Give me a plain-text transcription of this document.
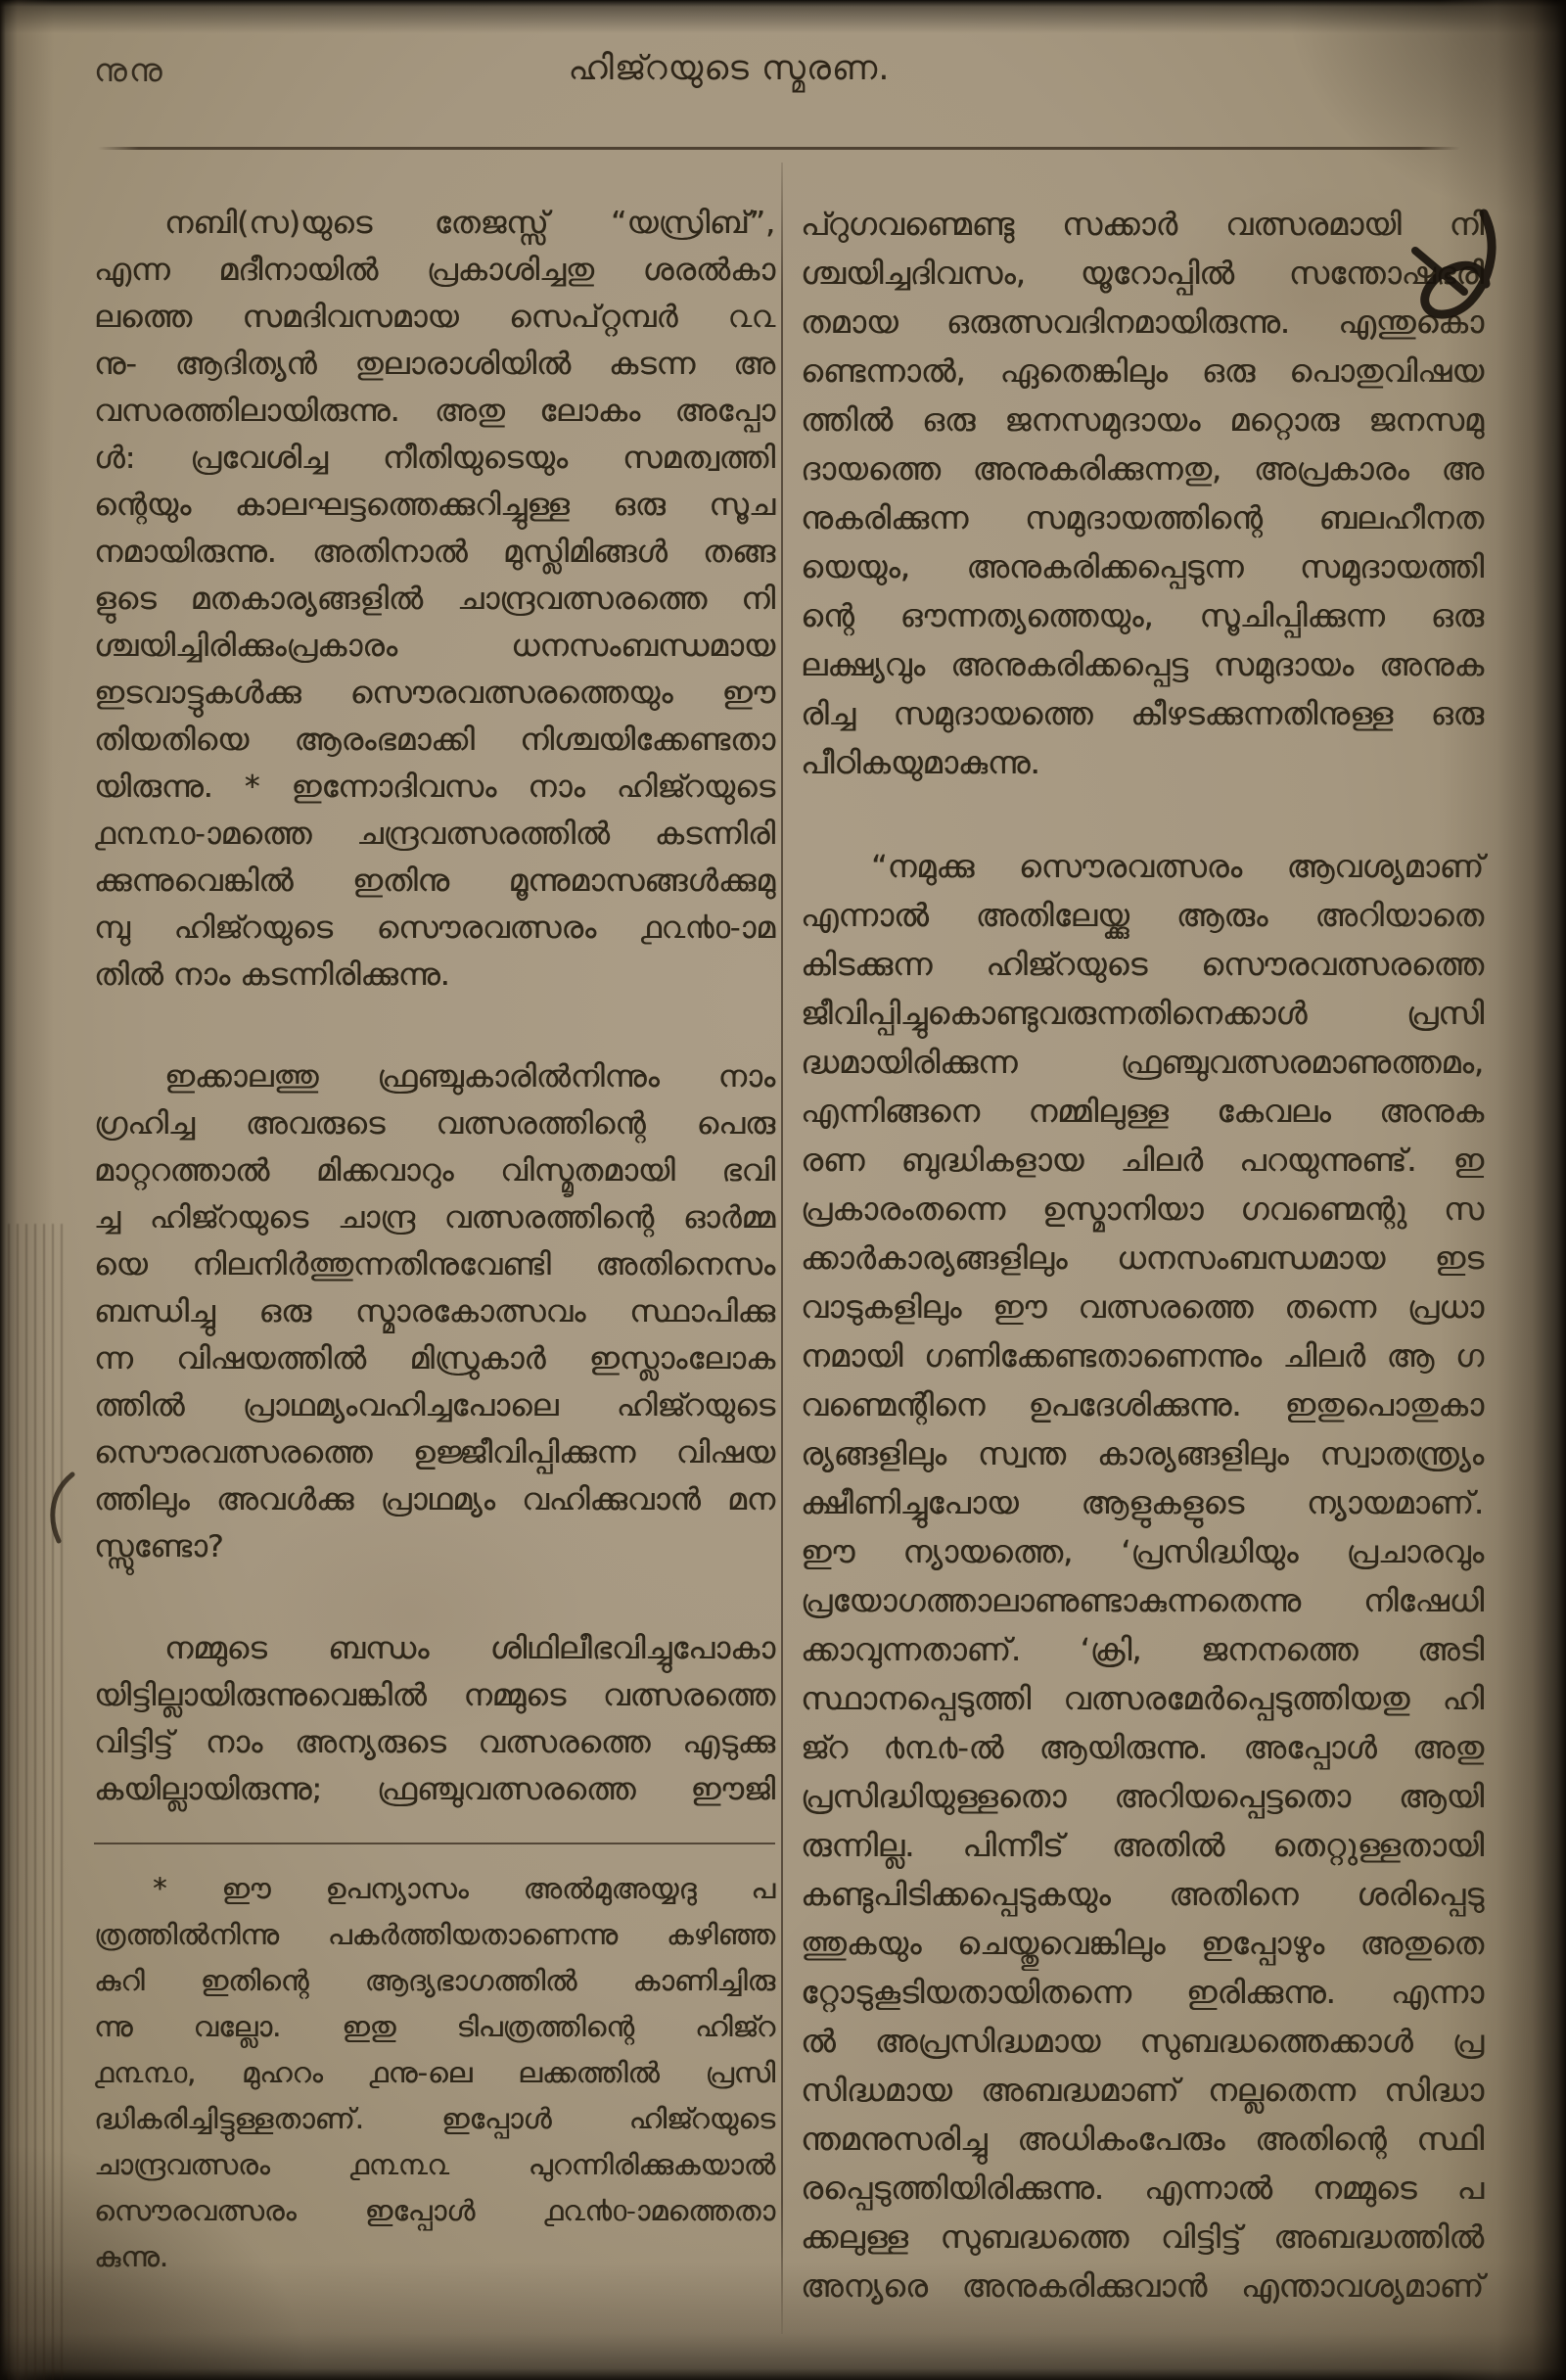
നുനു	ഹിജ്റയുടെ സ്മരണ.
നബി(സ)യുടെ തേജസ്സ് “യസ്രിബ്”,
എന്ന മദീനായിൽ പ്രകാശിച്ചതു ശരൽകാ
ലത്തെ സമദിവസമായ സെപ്റ്റമ്പർ ൨൨
നു- ആദിത്യൻ തുലാരാശിയിൽ കടന്ന അ
വസരത്തിലായിരുന്നു. അതു ലോകം അപ്പോ
ൾ: പ്രവേശിച്ച നീതിയുടെയും സമത്വത്തി
ന്റെയും കാലഘട്ടത്തെക്കുറിച്ചുള്ള ഒരു സൂച
നമായിരുന്നു. അതിനാൽ മുസ്ലിമിങ്ങൾ തങ്ങ
ളുടെ മതകാര്യങ്ങളിൽ ചാന്ദ്രവത്സരത്തെ നി
ശ്ചയിച്ചിരിക്കുംപ്രകാരം ധനസംബന്ധമായ
ഇടവാട്ടുകൾക്കു സൌരവത്സരത്തെയും ഈ
തിയതിയെ ആരംഭമാക്കി നിശ്ചയിക്കേണ്ടതാ
യിരുന്നു. * ഇന്നോദിവസം നാം ഹിജ്റയുടെ
൧൩൩൦-ാമത്തെ ചന്ദ്രവത്സരത്തിൽ കടന്നിരി
ക്കുന്നുവെങ്കിൽ ഇതിനു മൂന്നുമാസങ്ങൾക്കുമു
മ്പു ഹിജ്റയുടെ സൌരവത്സരം ൧൨൯൦-ാമ
തിൽ നാം കടന്നിരിക്കുന്നു.
ഇക്കാലത്തു ഫ്രഞ്ചുകാരിൽനിന്നും നാം
ഗ്രഹിച്ച അവരുടെ വത്സരത്തിന്റെ പെരു
മാറ്ററത്താൽ മിക്കവാറും വിസ്മൃതമായി ഭവി
ച്ച ഹിജ്റയുടെ ചാന്ദ്ര വത്സരത്തിന്റെ ഓർമ്മ
യെ നിലനിർത്തുന്നതിനുവേണ്ടി അതിനെസം
ബന്ധിച്ചു ഒരു സ്മാരകോത്സവം സ്ഥാപിക്കു
ന്ന വിഷയത്തിൽ മിസ്രുകാർ ഇസ്ലാംലോക
ത്തിൽ പ്രാഥമ്യംവഹിച്ചപോലെ ഹിജ്റയുടെ
സൌരവത്സരത്തെ ഉജ്ജീവിപ്പിക്കുന്ന വിഷയ
ത്തിലും അവൾക്കു പ്രാഥമ്യം വഹിക്കുവാൻ മന
സ്സുണ്ടോ?
നമ്മുടെ ബന്ധം ശിഥിലീഭവിച്ചുപോകാ
യിട്ടില്ലായിരുന്നുവെങ്കിൽ നമ്മുടെ വത്സരത്തെ
വിട്ടിട്ട് നാം അന്യരുടെ വത്സരത്തെ എടുക്കു
കയില്ലായിരുന്നു; ഫ്രഞ്ചുവത്സരത്തെ ഈജി
* ഈ ഉപന്യാസം അൽമുഅയ്യദു പ
ത്രത്തിൽനിന്നു പകർത്തിയതാണെന്നു കഴിഞ്ഞ
കുറി ഇതിന്റെ ആദ്യഭാഗത്തിൽ കാണിച്ചിരു
ന്നു വല്ലോ. ഇതു ടിപത്രത്തിന്റെ ഹിജ്റ
൧൩൩൦, മുഹറം ൧നു-ലെ ലക്കത്തിൽ പ്രസി
ദ്ധികരിച്ചിട്ടുള്ളതാണ്. ഇപ്പോൾ ഹിജ്റയുടെ
ചാന്ദ്രവത്സരം ൧൩൩൨ പുറന്നിരിക്കുകയാൽ
സൌരവത്സരം ഇപ്പോൾ ൧൨൯൦-ാമത്തെതാ
കുന്നു.
പ്റുഗവണ്മെണ്ടു സക്കാർ വത്സരമായി നി
ശ്ചയിച്ചദിവസം, യൂറോപ്പിൽ സന്തോഷഭരി
തമായ ഒരുത്സവദിനമായിരുന്നു. എന്തുകൊ
ണ്ടെന്നാൽ, ഏതെങ്കിലും ഒരു പൊതുവിഷയ
ത്തിൽ ഒരു ജനസമുദായം മറ്റൊരു ജനസമു
ദായത്തെ അനുകരിക്കുന്നതു, അപ്രകാരം അ
നുകരിക്കുന്ന സമുദായത്തിന്റെ ബലഹീനത
യെയും, അനുകരിക്കപ്പെടുന്ന സമുദായത്തി
ന്റെ ഔന്നത്യത്തെയും, സൂചിപ്പിക്കുന്ന ഒരു
ലക്ഷ്യവും അനുകരിക്കപ്പെട്ട സമുദായം അനുക
രിച്ച സമുദായത്തെ കീഴടക്കുന്നതിനുള്ള ഒരു
പീഠികയുമാകുന്നു.
“നമുക്കു സൌരവത്സരം ആവശ്യമാണ്
എന്നാൽ അതിലേയ്ക്കു ആരും അറിയാതെ
കിടക്കുന്ന ഹിജ്റയുടെ സൌരവത്സരത്തെ
ജീവിപ്പിച്ചുകൊണ്ടുവരുന്നതിനെക്കാൾ പ്രസി
ദ്ധമായിരിക്കുന്ന ഫ്രഞ്ചുവത്സരമാണുത്തമം,
എന്നിങ്ങനെ നമ്മിലുള്ള കേവലം അനുക
രണ ബുദ്ധികളായ ചിലർ പറയുന്നുണ്ട്. ഇ
പ്രകാരംതന്നെ ഉസ്മാനിയാ ഗവണ്മെന്റു സ
ക്കാർകാര്യങ്ങളിലും ധനസംബന്ധമായ ഇട
വാടുകളിലും ഈ വത്സരത്തെ തന്നെ പ്രധാ
നമായി ഗണിക്കേണ്ടതാണെന്നും ചിലർ ആ ഗ
വണ്മെന്റിനെ ഉപദേശിക്കുന്നു. ഇതുപൊതുകാ
ര്യങ്ങളിലും സ്വന്ത കാര്യങ്ങളിലും സ്വാതന്ത്ര്യം
ക്ഷീണിച്ചുപോയ ആളുകളുടെ ന്യായമാണ്.
ഈ ന്യായത്തെ, ‘പ്രസിദ്ധിയും പ്രചാരവും
പ്രയോഗത്താലാണുണ്ടാകുന്നതെന്നു നിഷേധി
ക്കാവുന്നതാണ്. ‘ക്രി, ജനനത്തെ അടി
സ്ഥാനപ്പെടുത്തി വത്സരമേർപ്പെടുത്തിയതു ഹി
ജ്റ ൪൩൪-ൽ ആയിരുന്നു. അപ്പോൾ അതു
പ്രസിദ്ധിയുള്ളതൊ അറിയപ്പെട്ടതൊ ആയി
രുന്നില്ല. പിന്നീട് അതിൽ തെറ്റുള്ളതായി
കണ്ടുപിടിക്കപ്പെടുകയും അതിനെ ശരിപ്പെടു
ത്തുകയും ചെയ്തുവെങ്കിലും ഇപ്പോഴും അതുതെ
റ്റോടുകൂടിയതായിതന്നെ ഇരിക്കുന്നു. എന്നാ
ൽ അപ്രസിദ്ധമായ സുബദ്ധത്തെക്കാൾ പ്ര
സിദ്ധമായ അബദ്ധമാണ് നല്ലതെന്ന സിദ്ധാ
ന്തമനുസരിച്ചു അധികംപേരും അതിന്റെ സ്ഥി
രപ്പെടുത്തിയിരിക്കുന്നു. എന്നാൽ നമ്മുടെ പ
ക്കലുള്ള സുബദ്ധത്തെ വിട്ടിട്ട് അബദ്ധത്തിൽ
അന്യരെ അനുകരിക്കുവാൻ എന്താവശ്യമാണ്
